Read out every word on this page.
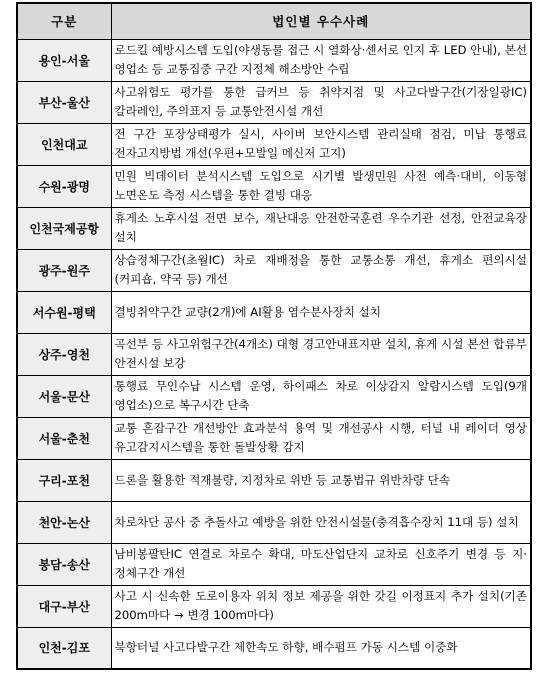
구분	법인별 우수사례
용인-서울	로드킬 예방시스템 도입(야생동물 접근 시 열화상·센서로 인지 후 LED 안내), 본선 영업소 등 교통집중 구간 지정체 해소방안 수립
부산-울산	사고위험도 평가를 통한 급커브 등 취약지점 및 사고다발구간(기장일광IC) 칼라레인, 주의표지 등 교통안전시설 개선
인천대교	전 구간 포장상태평가 실시, 사이버 보안시스템 관리실태 점검, 미납 통행료 전자고지방법 개선(우편+모발일 메신저 고지)
수원-광명	민원 빅데이터 분석시스템 도입으로 시기별 발생민원 사전 예측·대비, 이동형 노면온도 측정 시스템을 통한 결빙 대응
인천국제공항	휴게소 노후시설 전면 보수, 재난대응 안전한국훈련 우수기관 선정, 안전교육장 설치
광주-원주	상습정체구간(초월IC) 차로 재배정을 통한 교통소통 개선, 휴게소 편의시설(커피숍, 약국 등) 개선
서수원-평택	결빙취약구간 교량(2개)에 AI활용 염수분사장치 설치
상주-영천	곡선부 등 사고위험구간(4개소) 대형 경고안내표지판 설치, 휴게 시설 본선 합류부 안전시설 보강
서울-문산	통행료 무인수납 시스템 운영, 하이패스 차로 이상감지 알람시스템 도입(9개 영업소)으로 복구시간 단축
서울-춘천	교통 혼잡구간 개선방안 효과분석 용역 및 개선공사 시행, 터널 내 레이더 영상 유고감지시스템을 통한 돌발상황 감지
구리-포천	드론을 활용한 적재불량, 지정차로 위반 등 교통법규 위반차량 단속
천안-논산	차로차단 공사 중 추돌사고 예방을 위한 안전시설물(충격흡수장치 11대 등) 설치
봉담-송산	남비봉팔탄IC 연결로 차로수 확대, 마도산업단지 교차로 신호주기 변경 등 지·정체구간 개선
대구-부산	사고 시 신속한 도로이용자 위치 정보 제공을 위한 갓길 이정표지 추가 설치(기존 200m마다 → 변경 100m마다)
인천-김포	북항터널 사고다발구간 제한속도 하향, 배수펌프 가동 시스템 이중화
